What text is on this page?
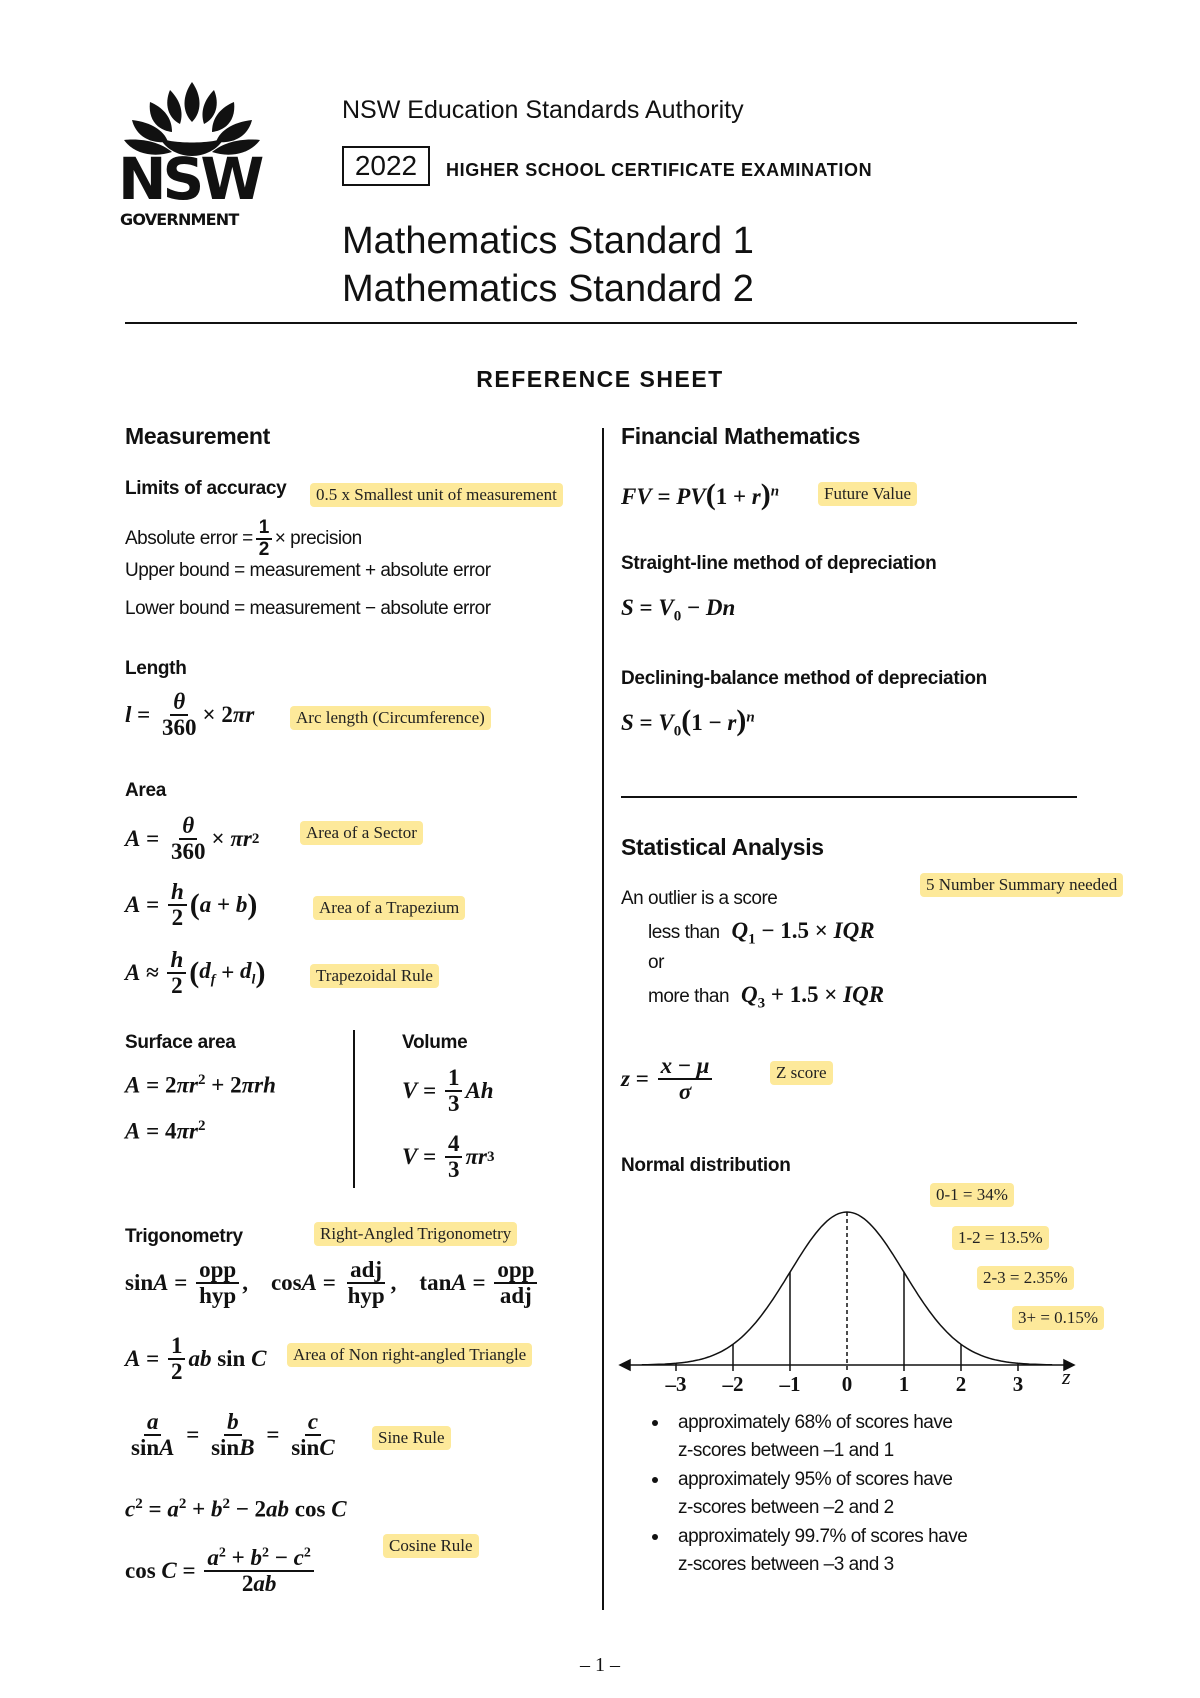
NSW
GOVERNMENT
NSW Education Standards Authority
2022	HIGHER SCHOOL CERTIFICATE EXAMINATION
Mathematics Standard 1
Mathematics Standard 2
REFERENCE SHEET
Measurement
Limits of accuracy	0.5 x Smallest unit of measurement
Absolute error = $\frac{1}{2}$ × precision
Upper bound = measurement + absolute error
Lower bound = measurement − absolute error
Length
$l = \frac{\theta}{360} \times 2$ πr	Arc length (Circumference)
Area
$A = \frac{\theta}{360} \times \pi r$ 2	Area of a Sector
$A = \frac{h}{2}$ ( a + b )	Area of a Trapezium
$A \approx \frac{h}{2}$ ( $d_f + d_l$ )	Trapezoidal Rule
Surface area
$A = 2\pi r^2 + 2\pi rh$
$A = 4\pi r^2$
Volume
$V = \frac{1}{3}$ Ah
$V = \frac{4}{3}$ πr 3
Trigonometry	Right-Angled Trigonometry
$\sin A = \frac{\text{opp}}{\text{hyp}}$ ,    $\cos A = \frac{\text{adj}}{\text{hyp}}$ ,    $\tan A = \frac{\text{opp}}{\text{adj}}$
$A = \frac{1}{2}$ ab sin C	Area of Non right-angled Triangle
$\frac{a}{\sin A} = \frac{b}{\sin B} = \frac{c}{\sin C}$	Sine Rule
$c^2 = a^2 + b^2 - 2ab$ cos C
$\cos C = \frac{a^2 + b^2 - c^2}{2ab}$
Cosine Rule
Financial Mathematics
FV = $PV(1 + r)^n$	Future Value
Straight-line method of depreciation
$S = V_0 - Dn$
Declining-balance method of depreciation
$S = V_0(1 - r)^n$
Statistical Analysis
5 Number Summary needed
An outlier is a score
less than $Q_1 - 1.5$ × IQR
or
more than $Q_3 + 1.5$ × IQR
$z = \frac{x - \mu}{\sigma}$	Z score
Normal distribution
0-1 = 34%
1-2 = 13.5%
2-3 = 2.35%
3+ = 0.15%
–3	–2	–1	0	1	2	3	z
approximately 68% of scores have
z-scores between –1 and 1
approximately 95% of scores have
z-scores between –2 and 2
approximately 99.7% of scores have
z-scores between –3 and 3
– 1 –
